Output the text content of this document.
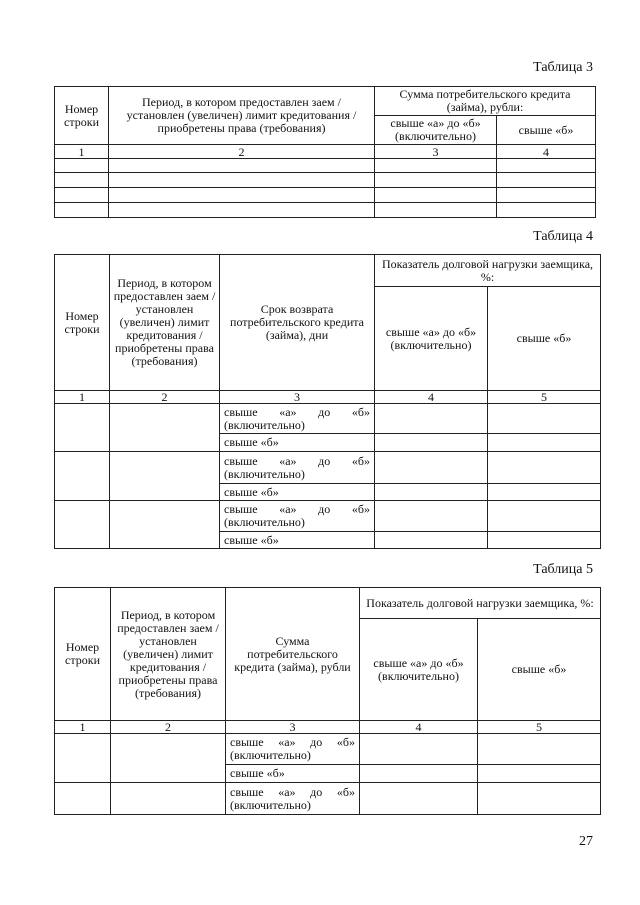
Таблица 3
Номер строки	Период, в котором предоставлен заем / установлен (увеличен) лимит кредитования / приобретены права (требования)	Сумма потребительского кредита (займа), рубли:	
		свыше «а» до «б» (включительно)	свыше «б»
1	2	3	4

Таблица 4
Номер строки	Период, в котором предоставлен заем / установлен (увеличен) лимит кредитования / приобретены права (требования)	Срок возврата потребительского кредита (займа), дни	Показатель долговой нагрузки заемщика, %:	
			свыше «а» до «б» (включительно)	свыше «б»
1	2	3	4	5
		свыше «а» до «б» (включительно)		
		свыше «б»		
		свыше «а» до «б» (включительно)		
		свыше «б»		
		свыше «а» до «б» (включительно)		
		свыше «б»		
Таблица 5
Номер строки	Период, в котором предоставлен заем /установлен (увеличен) лимит кредитования / приобретены права (требования)	Сумма потребительского кредита (займа), рубли	Показатель долговой нагрузки заемщика, %:	
			свыше «а» до «б» (включительно)	свыше «б»
1	2	3	4	5
		свыше «а» до «б» (включительно)		
		свыше «б»		
		свыше «а» до «б» (включительно)		
27
